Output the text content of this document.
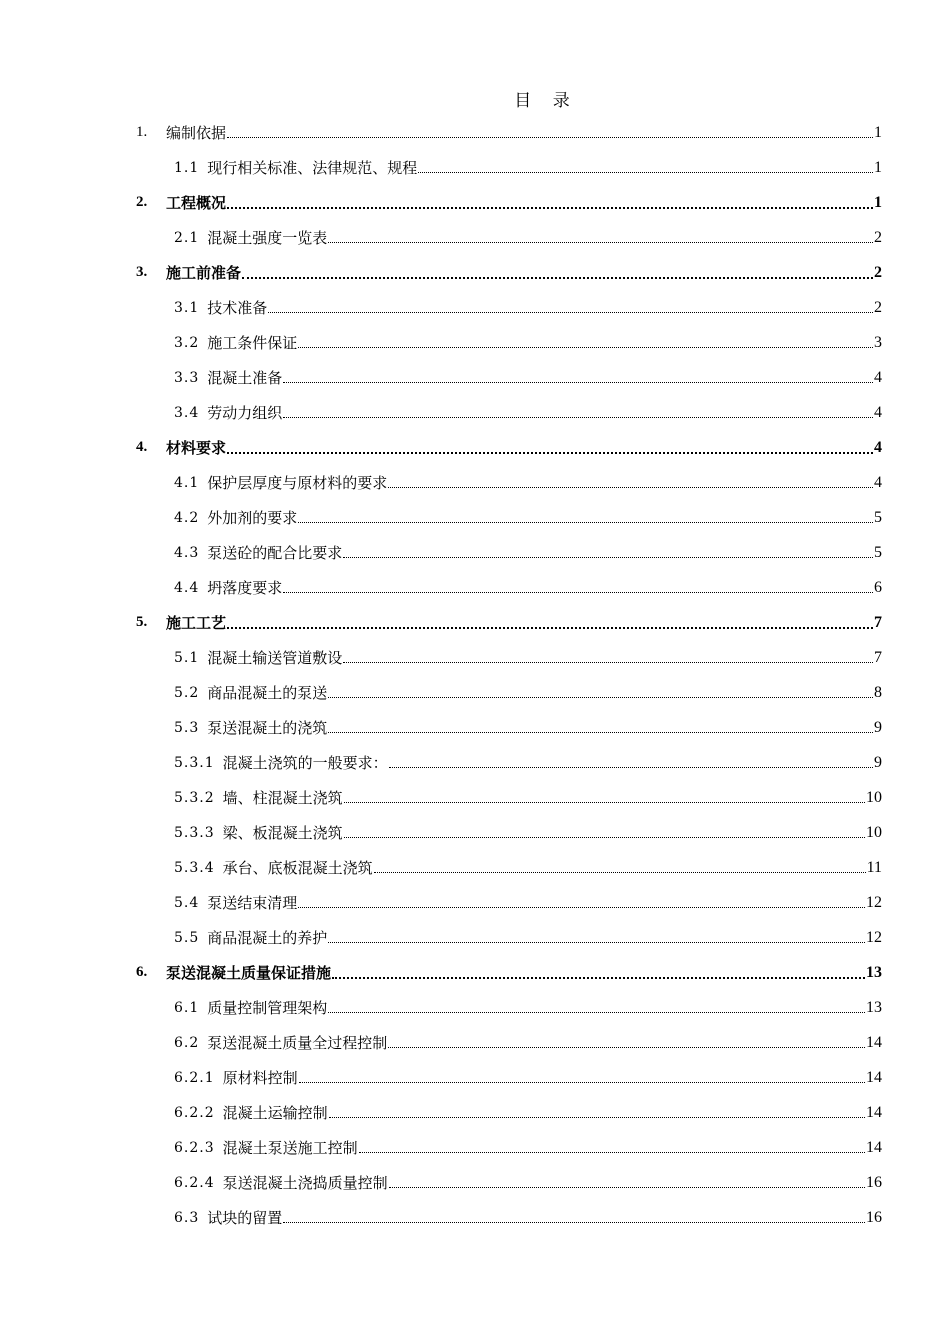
目 录
1.	编制依据	1
1.1 现行相关标准、法律规范、规程	1
2.	工程概况	1
2.1 混凝土强度一览表	2
3.	施工前准备	2
3.1 技术准备	2
3.2 施工条件保证	3
3.3 混凝土准备	4
3.4 劳动力组织	4
4.	材料要求	4
4.1 保护层厚度与原材料的要求	4
4.2 外加剂的要求	5
4.3 泵送砼的配合比要求	5
4.4 坍落度要求	6
5.	施工工艺	7
5.1 混凝土输送管道敷设	7
5.2 商品混凝土的泵送	8
5.3 泵送混凝土的浇筑	9
5.3.1 混凝土浇筑的一般要求：	9
5.3.2 墙、柱混凝土浇筑	10
5.3.3 梁、板混凝土浇筑	10
5.3.4 承台、底板混凝土浇筑	11
5.4 泵送结束清理	12
5.5 商品混凝土的养护	12
6.	泵送混凝土质量保证措施	13
6.1 质量控制管理架构	13
6.2 泵送混凝土质量全过程控制	14
6.2.1 原材料控制	14
6.2.2 混凝土运输控制	14
6.2.3 混凝土泵送施工控制	14
6.2.4 泵送混凝土浇捣质量控制	16
6.3 试块的留置	16
